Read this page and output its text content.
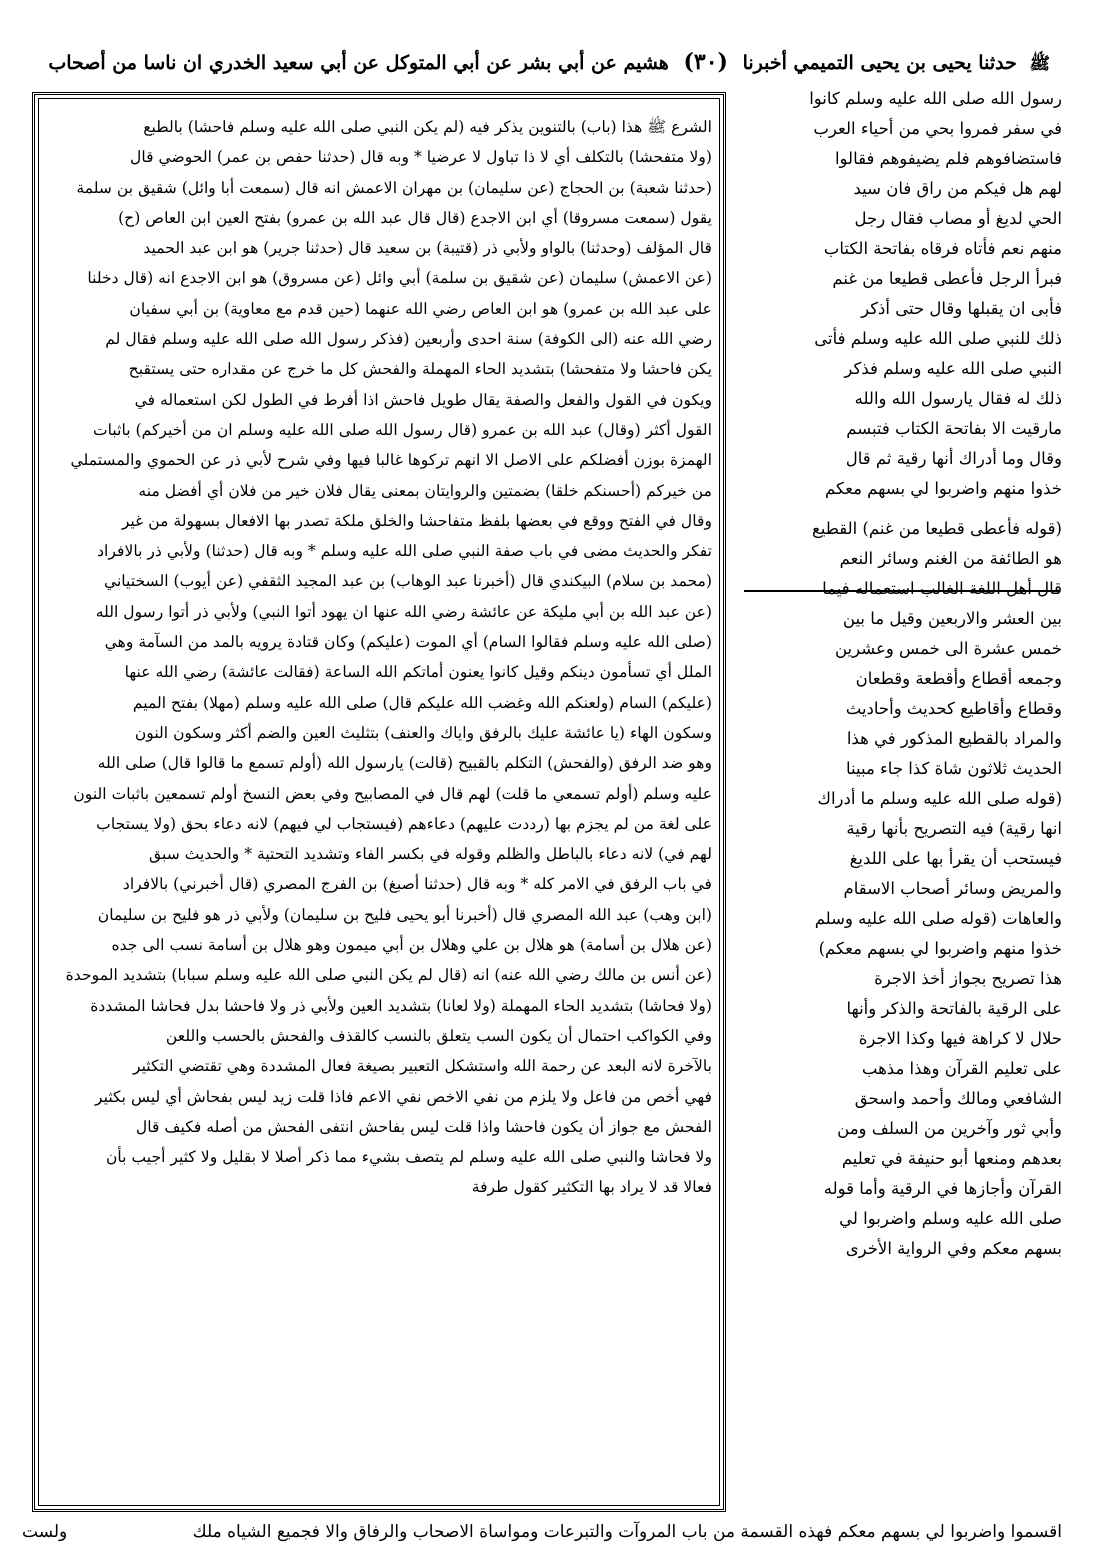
ﷺ حدثنا يحيى بن يحيى التميمي أخبرنا (٣٠) هشيم عن أبي بشر عن أبي المتوكل عن أبي سعيد الخدري ان ناسا من أصحاب
رسول الله صلى الله عليه وسلم كانوا
في سفر فمروا بحي من أحياء العرب
فاستضافوهم فلم يضيفوهم فقالوا
لهم هل فيكم من راق فان سيد
الحي لديغ أو مصاب فقال رجل
منهم نعم فأتاه فرقاه بفاتحة الكتاب
فبرأ الرجل فأعطى قطيعا من غنم
فأبى ان يقبلها وقال حتى أذكر
ذلك للنبي صلى الله عليه وسلم فأتى
النبي صلى الله عليه وسلم فذكر
ذلك له فقال يارسول الله والله
مارقيت الا بفاتحة الكتاب فتبسم
وقال وما أدراك أنها رقية ثم قال
خذوا منهم واضربوا لي بسهم معكم
(قوله فأعطى قطيعا من غنم) القطيع
هو الطائفة من الغنم وسائر النعم
قال أهل اللغة الغالب استعماله فيما
بين العشر والاربعين وقيل ما بين
خمس عشرة الى خمس وعشرين
وجمعه أقطاع وأقطعة وقطعان
وقطاع وأقاطيع كحديث وأحاديث
والمراد بالقطيع المذكور في هذا
الحديث ثلاثون شاة كذا جاء مبينا
(قوله صلى الله عليه وسلم ما أدراك
انها رقية) فيه التصريح بأنها رقية
فيستحب أن يقرأ بها على اللديغ
والمريض وسائر أصحاب الاسقام
والعاهات (قوله صلى الله عليه وسلم
خذوا منهم واضربوا لي بسهم معكم)
هذا تصريح بجواز أخذ الاجرة
على الرقية بالفاتحة والذكر وأنها
حلال لا كراهة فيها وكذا الاجرة
على تعليم القرآن وهذا مذهب
الشافعي ومالك وأحمد واسحق
وأبي ثور وآخرين من السلف ومن
بعدهم ومنعها أبو حنيفة في تعليم
القرآن وأجازها في الرقية وأما قوله
صلى الله عليه وسلم واضربوا لي
بسهم معكم وفي الرواية الأخرى
الشرع ﷺ هذا (باب) بالتنوين يذكر فيه (لم يكن النبي صلى الله عليه وسلم فاحشا) بالطبع
(ولا متفحشا) بالتكلف أي لا ذا تباول لا عرضيا * وبه قال (حدثنا حفص بن عمر) الحوضي قال
(حدثنا شعبة) بن الحجاج (عن سليمان) بن مهران الاعمش انه قال (سمعت أبا وائل) شقيق بن سلمة
يقول (سمعت مسروقا) أي ابن الاجدع (قال قال عبد الله بن عمرو) بفتح العين ابن العاص (ح)
قال المؤلف (وحدثنا) بالواو ولأبي ذر (قتيبة) بن سعيد قال (حدثنا جرير) هو ابن عبد الحميد
(عن الاعمش) سليمان (عن شقيق بن سلمة) أبي وائل (عن مسروق) هو ابن الاجدع انه (قال دخلنا
على عبد الله بن عمرو) هو ابن العاص رضي الله عنهما (حين قدم مع معاوية) بن أبي سفيان
رضي الله عنه (الى الكوفة) سنة احدى وأربعين (فذكر رسول الله صلى الله عليه وسلم فقال لم
يكن فاحشا ولا متفحشا) بتشديد الحاء المهملة والفحش كل ما خرج عن مقداره حتى يستقبح
ويكون في القول والفعل والصفة يقال طويل فاحش اذا أفرط في الطول لكن استعماله في
القول أكثر (وقال) عبد الله بن عمرو (قال رسول الله صلى الله عليه وسلم ان من أخيركم) باثبات
الهمزة بوزن أفضلكم على الاصل الا انهم تركوها غالبا فيها وفي شرح لأبي ذر عن الحموي والمستملي
من خيركم (أحسنكم خلقا) بضمتين والروايتان بمعنى يقال فلان خير من فلان أي أفضل منه
وقال في الفتح ووقع في بعضها بلفظ متفاحشا والخلق ملكة تصدر بها الافعال بسهولة من غير
تفكر والحديث مضى في باب صفة النبي صلى الله عليه وسلم * وبه قال (حدثنا) ولأبي ذر بالافراد
(محمد بن سلام) البيكندي قال (أخبرنا عبد الوهاب) بن عبد المجيد الثقفي (عن أيوب) السختياني
(عن عبد الله بن أبي مليكة عن عائشة رضي الله عنها ان يهود أتوا النبي) ولأبي ذر أتوا رسول الله
(صلى الله عليه وسلم فقالوا السام) أي الموت (عليكم) وكان قتادة يرويه بالمد من السآمة وهي
الملل أي تسأمون دينكم وقيل كانوا يعنون أماتكم الله الساعة (فقالت عائشة) رضي الله عنها
(عليكم) السام (ولعنكم الله وغضب الله عليكم قال) صلى الله عليه وسلم (مهلا) بفتح الميم
وسكون الهاء (يا عائشة عليك بالرفق واياك والعنف) بتثليث العين والضم أكثر وسكون النون
وهو ضد الرفق (والفحش) التكلم بالقبيح (قالت) يارسول الله (أولم تسمع ما قالوا قال) صلى الله
عليه وسلم (أولم تسمعي ما قلت) لهم قال في المصابيح وفي بعض النسخ أولم تسمعين باثبات النون
على لغة من لم يجزم بها (رددت عليهم) دعاءهم (فيستجاب لي فيهم) لانه دعاء بحق (ولا يستجاب
لهم في) لانه دعاء بالباطل والظلم وقوله في بكسر الفاء وتشديد التحتية * والحديث سبق
في باب الرفق في الامر كله * وبه قال (حدثنا أصبغ) بن الفرج المصري (قال أخبرني) بالافراد
(ابن وهب) عبد الله المصري قال (أخبرنا أبو يحيى فليح بن سليمان) ولأبي ذر هو فليح بن سليمان
(عن هلال بن أسامة) هو هلال بن علي وهلال بن أبي ميمون وهو هلال بن أسامة نسب الى جده
(عن أنس بن مالك رضي الله عنه) انه (قال لم يكن النبي صلى الله عليه وسلم سبابا) بتشديد الموحدة
(ولا فحاشا) بتشديد الحاء المهملة (ولا لعانا) بتشديد العين ولأبي ذر ولا فاحشا بدل فحاشا المشددة
وفي الكواكب احتمال أن يكون السب يتعلق بالنسب كالقذف والفحش بالحسب واللعن
بالآخرة لانه البعد عن رحمة الله واستشكل التعبير بصيغة فعال المشددة وهي تقتضي التكثير
فهي أخص من فاعل ولا يلزم من نفي الاخص نفي الاعم فاذا قلت زيد ليس بفحاش أي ليس بكثير
الفحش مع جواز أن يكون فاحشا واذا قلت ليس بفاحش انتفى الفحش من أصله فكيف قال
ولا فحاشا والنبي صلى الله عليه وسلم لم يتصف بشيء مما ذكر أصلا لا بقليل ولا كثير أجيب بأن
فعالا قد لا يراد بها التكثير كقول طرفة
اقسموا واضربوا لي بسهم معكم فهذه القسمة من باب المروآت والتبرعات ومواساة الاصحاب والرفاق والا فجميع الشياه ملك
ولست
